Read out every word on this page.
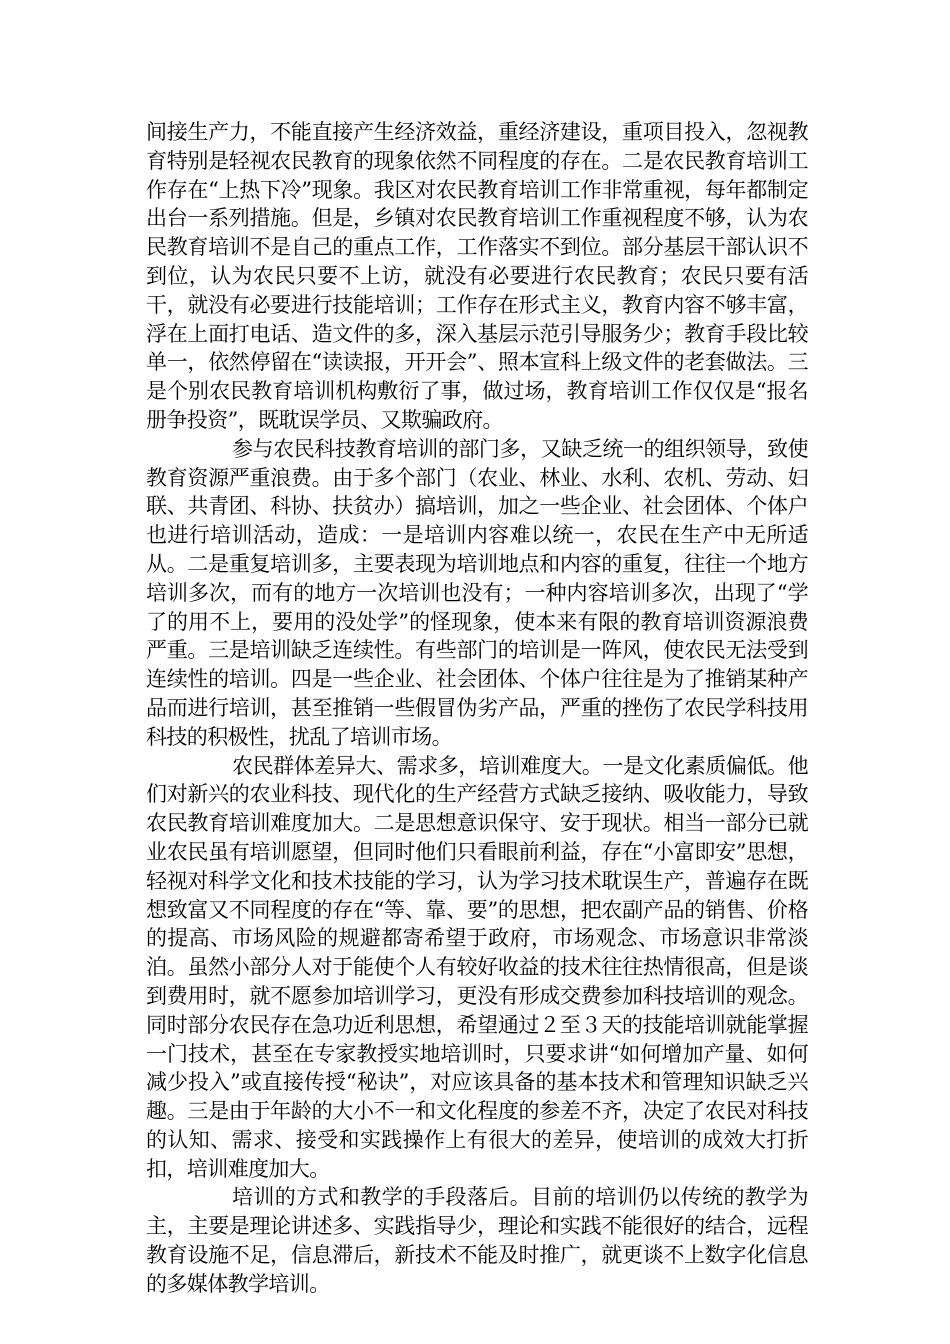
间接生产力，不能直接产生经济效益，重经济建设，重项目投入，忽视教育特别是轻视农民教育的现象依然不同程度的存在。二是农民教育培训工作存在“上热下冷”现象。我区对农民教育培训工作非常重视，每年都制定出台一系列措施。但是，乡镇对农民教育培训工作重视程度不够，认为农民教育培训不是自己的重点工作，工作落实不到位。部分基层干部认识不到位，认为农民只要不上访，就没有必要进行农民教育；农民只要有活干，就没有必要进行技能培训；工作存在形式主义，教育内容不够丰富，浮在上面打电话、造文件的多，深入基层示范引导服务少；教育手段比较单一，依然停留在“读读报，开开会”、照本宣科上级文件的老套做法。三是个别农民教育培训机构敷衍了事，做过场，教育培训工作仅仅是“报名册争投资”，既耽误学员、又欺骗政府。

参与农民科技教育培训的部门多，又缺乏统一的组织领导，致使教育资源严重浪费。由于多个部门（农业、林业、水利、农机、劳动、妇联、共青团、科协、扶贫办）搞培训，加之一些企业、社会团体、个体户也进行培训活动，造成：一是培训内容难以统一，农民在生产中无所适从。二是重复培训多，主要表现为培训地点和内容的重复，往往一个地方培训多次，而有的地方一次培训也没有；一种内容培训多次，出现了“学了的用不上，要用的没处学”的怪现象，使本来有限的教育培训资源浪费严重。三是培训缺乏连续性。有些部门的培训是一阵风，使农民无法受到连续性的培训。四是一些企业、社会团体、个体户往往是为了推销某种产品而进行培训，甚至推销一些假冒伪劣产品，严重的挫伤了农民学科技用科技的积极性，扰乱了培训市场。

农民群体差异大、需求多，培训难度大。一是文化素质偏低。他们对新兴的农业科技、现代化的生产经营方式缺乏接纳、吸收能力，导致农民教育培训难度加大。二是思想意识保守、安于现状。相当一部分已就业农民虽有培训愿望，但同时他们只看眼前利益，存在“小富即安”思想，轻视对科学文化和技术技能的学习，认为学习技术耽误生产，普遍存在既想致富又不同程度的存在“等、靠、要”的思想，把农副产品的销售、价格的提高、市场风险的规避都寄希望于政府，市场观念、市场意识非常淡泊。虽然小部分人对于能使个人有较好收益的技术往往热情很高，但是谈到费用时，就不愿参加培训学习，更没有形成交费参加科技培训的观念。同时部分农民存在急功近利思想，希望通过２至３天的技能培训就能掌握一门技术，甚至在专家教授实地培训时，只要求讲“如何增加产量、如何减少投入”或直接传授“秘诀”，对应该具备的基本技术和管理知识缺乏兴趣。三是由于年龄的大小不一和文化程度的参差不齐，决定了农民对科技的认知、需求、接受和实践操作上有很大的差异，使培训的成效大打折扣，培训难度加大。

培训的方式和教学的手段落后。目前的培训仍以传统的教学为主，主要是理论讲述多、实践指导少，理论和实践不能很好的结合，远程教育设施不足，信息滞后，新技术不能及时推广，就更谈不上数字化信息的多媒体教学培训。
